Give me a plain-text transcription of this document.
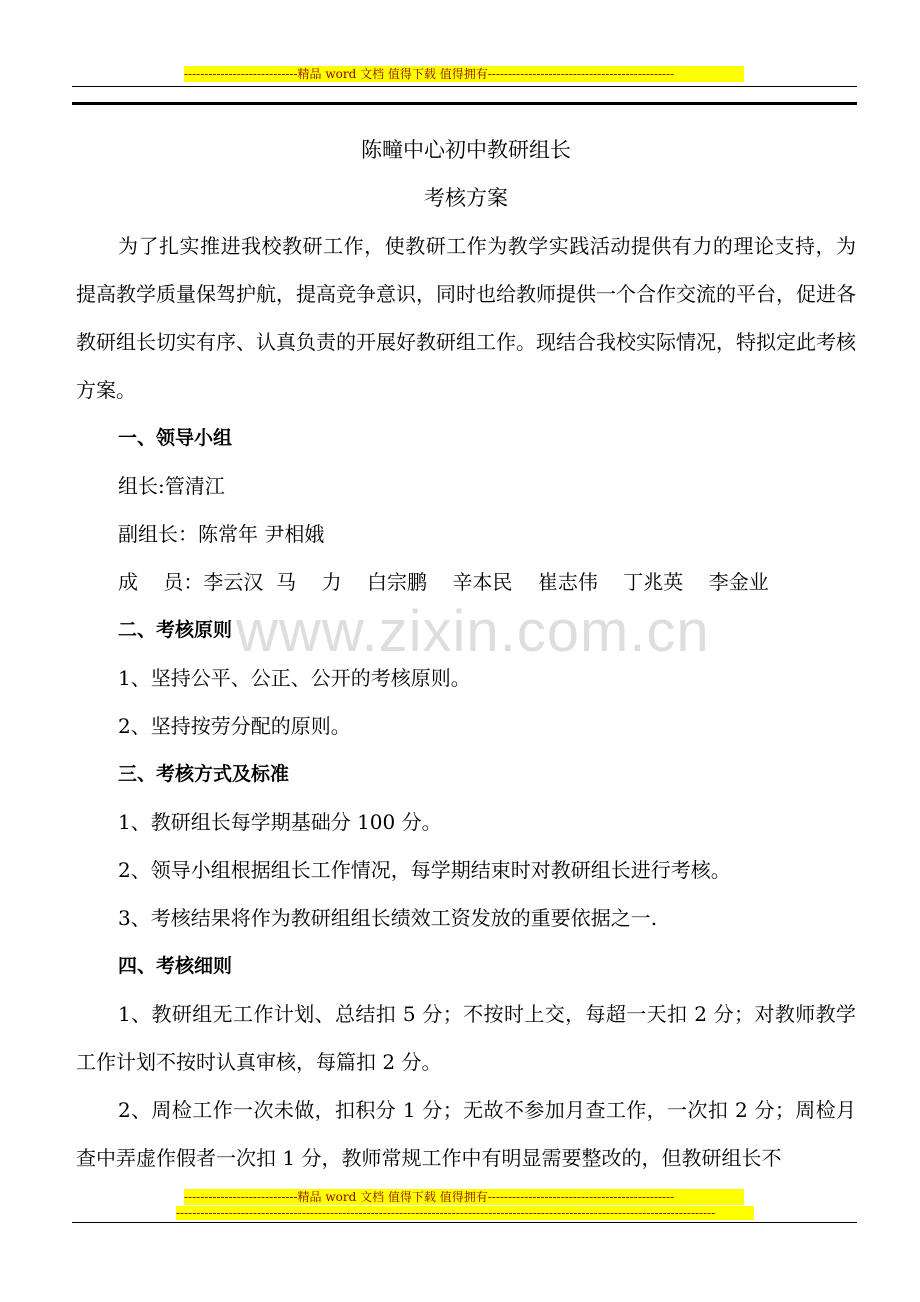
----------------------------精品 word 文档 值得下载 值得拥有----------------------------------------------
www.zixin.com.cn
陈疃中心初中教研组长
考核方案
为了扎实推进我校教研工作，使教研工作为教学实践活动提供有力的理论支持，为提高教学质量保驾护航，提高竞争意识，同时也给教师提供一个合作交流的平台，促进各教研组长切实有序、认真负责的开展好教研组工作。现结合我校实际情况，特拟定此考核方案。
一、领导小组
组长:管清江
副组长：陈常年 尹相娥
成    员：李云汉  马    力    白宗鹏    辛本民    崔志伟    丁兆英    李金业
二、考核原则
1、坚持公平、公正、公开的考核原则。
2、坚持按劳分配的原则。
三、考核方式及标准
1、教研组长每学期基础分 100 分。
2、领导小组根据组长工作情况，每学期结束时对教研组长进行考核。
3、考核结果将作为教研组组长绩效工资发放的重要依据之一.
四、考核细则
1、教研组无工作计划、总结扣 5 分；不按时上交，每超一天扣 2 分；对教师教学工作计划不按时认真审核，每篇扣 2 分。
2、周检工作一次未做，扣积分 1 分；无故不参加月查工作，一次扣 2 分；周检月查中弄虚作假者一次扣 1 分，教师常规工作中有明显需要整改的，但教研组长不
----------------------------精品 word 文档 值得下载 值得拥有----------------------------------------------
-------------------------------------------------------------------------------------------------------------------------------------
